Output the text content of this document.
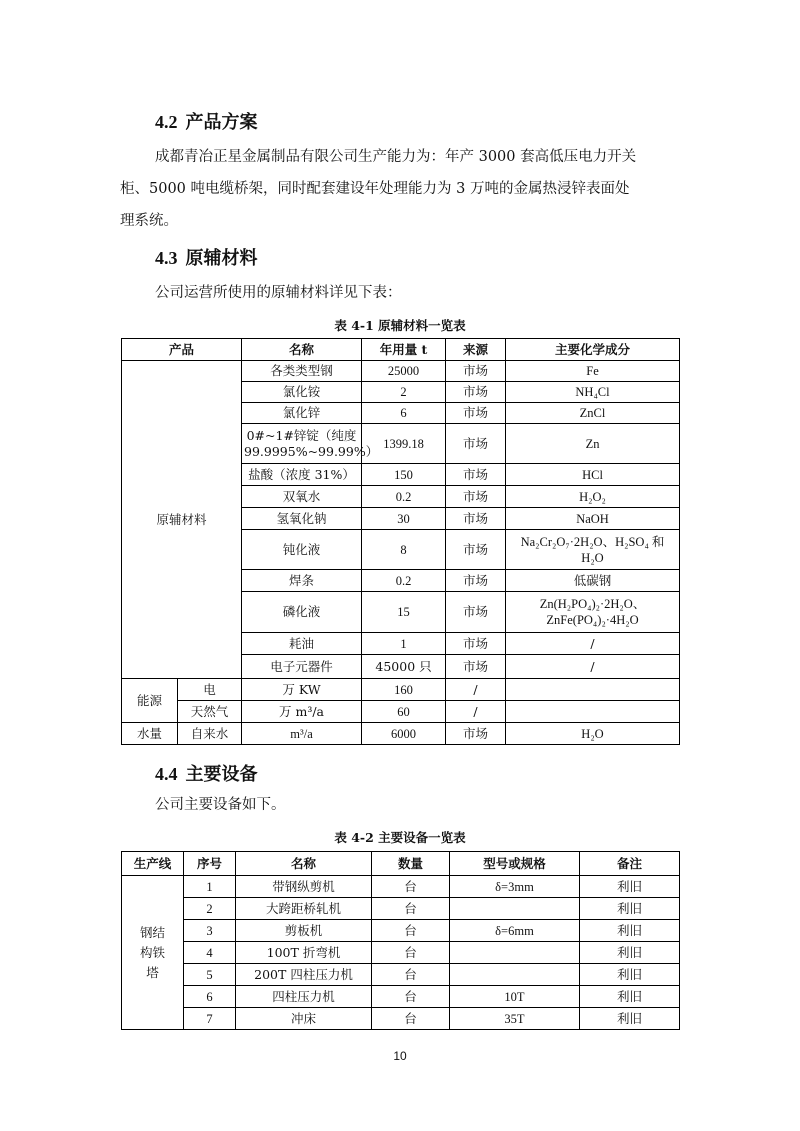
4.2 产品方案
成都青冶正星金属制品有限公司生产能力为：年产 3000 套高低压电力开关
柜、5000 吨电缆桥架，同时配套建设年处理能力为 3 万吨的金属热浸锌表面处
理系统。
4.3 原辅材料
公司运营所使用的原辅材料详见下表：
表 4-1 原辅材料一览表
产品		名称	年用量 t	来源	主要化学成分
原辅材料		各类类型钢	25000	市场	Fe
		氯化铵	2	市场	NH₄Cl
		氯化锌	6	市场	ZnCl
		0#~1#锌锭（纯度 99.9995%~99.99%）	1399.18	市场	Zn
		盐酸（浓度 31%）	150	市场	HCl
		双氧水	0.2	市场	H₂O₂
		氢氧化钠	30	市场	NaOH
		钝化液	8	市场	Na₂Cr₂O₇·2H₂O、H₂SO₄ 和 H₂O
		焊条	0.2	市场	低碳钢
		磷化液	15	市场	Zn(H₂PO₄)₂·2H₂O、ZnFe(PO₄)₂·4H₂O
		耗油	1	市场	/
		电子元器件	45000 只	市场	/
能源	电	万 KW	160	/	
	天然气	万 m³/a	60	/	
水量	自来水	m³/a	6000	市场	H₂O
4.4 主要设备
公司主要设备如下。
表 4-2 主要设备一览表
生产线	序号	名称	数量	型号或规格	备注

钢结构铁塔	1	带钢纵剪机	台	δ=3mm	利旧
	2	大跨距桥轧机	台		利旧
	3	剪板机	台	δ=6mm	利旧
	4	100T 折弯机	台		利旧
	5	200T 四柱压力机	台		利旧
	6	四柱压力机	台	10T	利旧
	7	冲床	台	35T	利旧
10
